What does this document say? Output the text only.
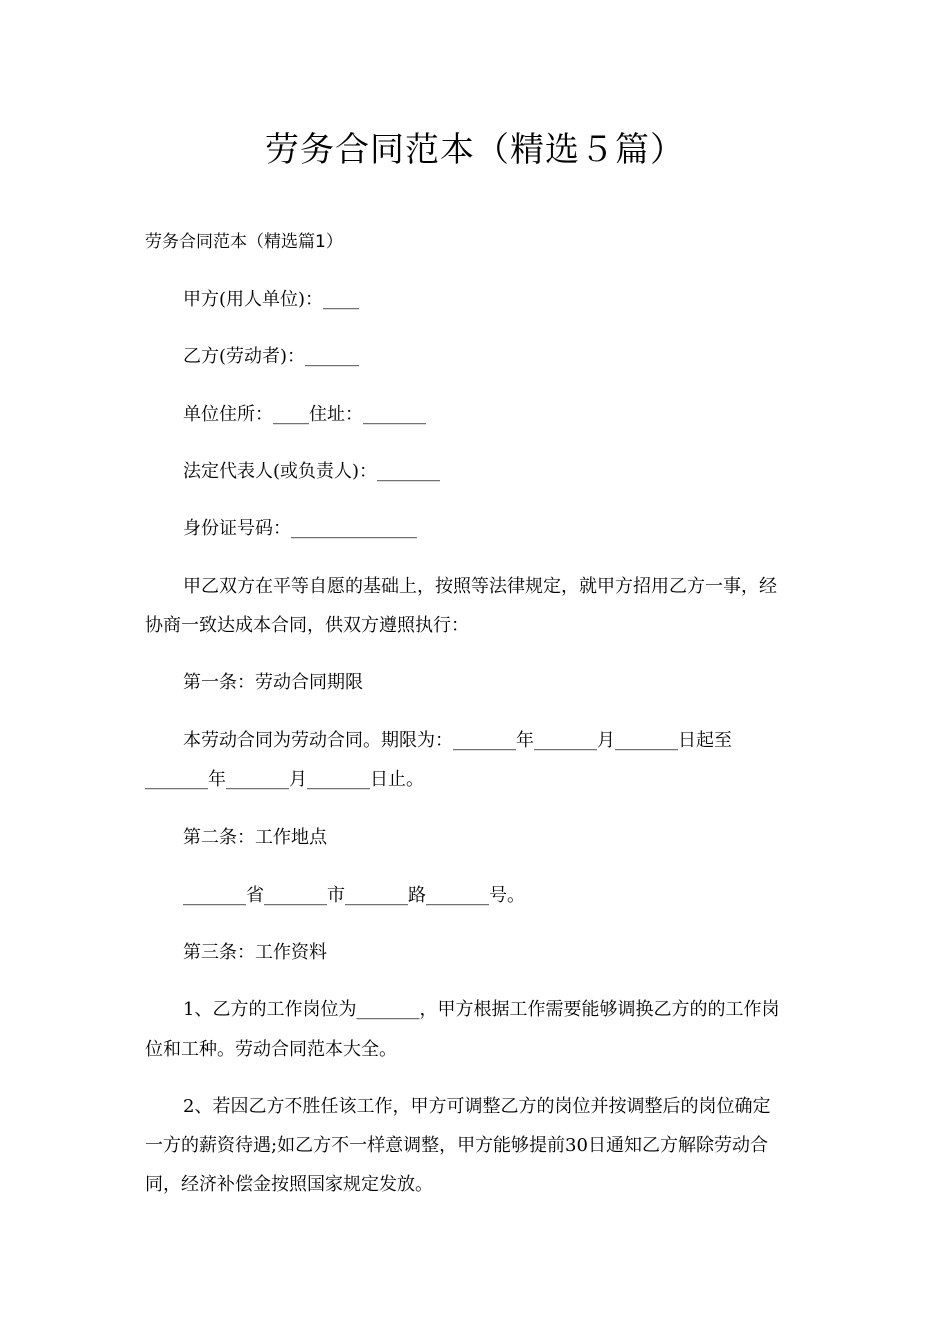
劳务合同范本（精选５篇）
劳务合同范本（精选篇1）
甲方(用人单位)：____
乙方(劳动者)：______
单位住所：____住址：_______
法定代表人(或负责人)：_______
身份证号码：______________
甲乙双方在平等自愿的基础上，按照等法律规定，就甲方招用乙方一事，经
协商一致达成本合同，供双方遵照执行：
第一条：劳动合同期限
本劳动合同为劳动合同。期限为：_______年_______月_______日起至
_______年_______月_______日止。
第二条：工作地点
_______省_______市_______路_______号。
第三条：工作资料
1、乙方的工作岗位为_______，甲方根据工作需要能够调换乙方的的工作岗
位和工种。劳动合同范本大全。
2、若因乙方不胜任该工作，甲方可调整乙方的岗位并按调整后的岗位确定
一方的薪资待遇;如乙方不一样意调整，甲方能够提前30日通知乙方解除劳动合
同，经济补偿金按照国家规定发放。
